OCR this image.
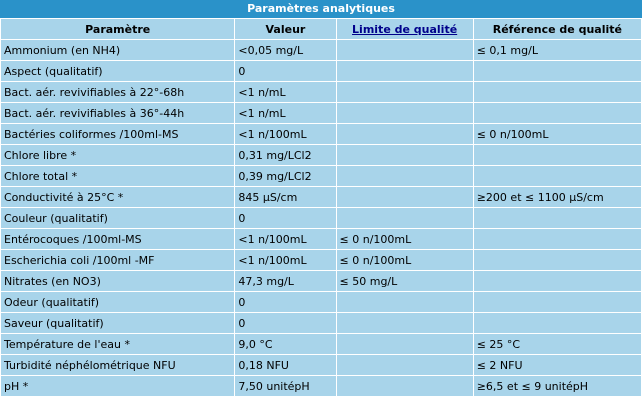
Paramètres analytiques
Paramètre	Valeur	Limite de qualité	Référence de qualité
Ammonium (en NH4)	<0,05 mg/L		≤ 0,1 mg/L
Aspect (qualitatif)	0		
Bact. aér. revivifiables à 22°-68h	<1 n/mL		
Bact. aér. revivifiables à 36°-44h	<1 n/mL		
Bactéries coliformes /100ml-MS	<1 n/100mL		≤ 0 n/100mL
Chlore libre *	0,31 mg/LCl2		
Chlore total *	0,39 mg/LCl2		
Conductivité à 25°C *	845 µS/cm		≥200 et ≤ 1100 µS/cm
Couleur (qualitatif)	0		
Entérocoques /100ml-MS	<1 n/100mL	≤ 0 n/100mL	
Escherichia coli /100ml -MF	<1 n/100mL	≤ 0 n/100mL	
Nitrates (en NO3)	47,3 mg/L	≤ 50 mg/L	
Odeur (qualitatif)	0		
Saveur (qualitatif)	0		
Température de l'eau *	9,0 °C		≤ 25 °C
Turbidité néphélométrique NFU	0,18 NFU		≤ 2 NFU
pH *	7,50 unitépH		≥6,5 et ≤ 9 unitépH
